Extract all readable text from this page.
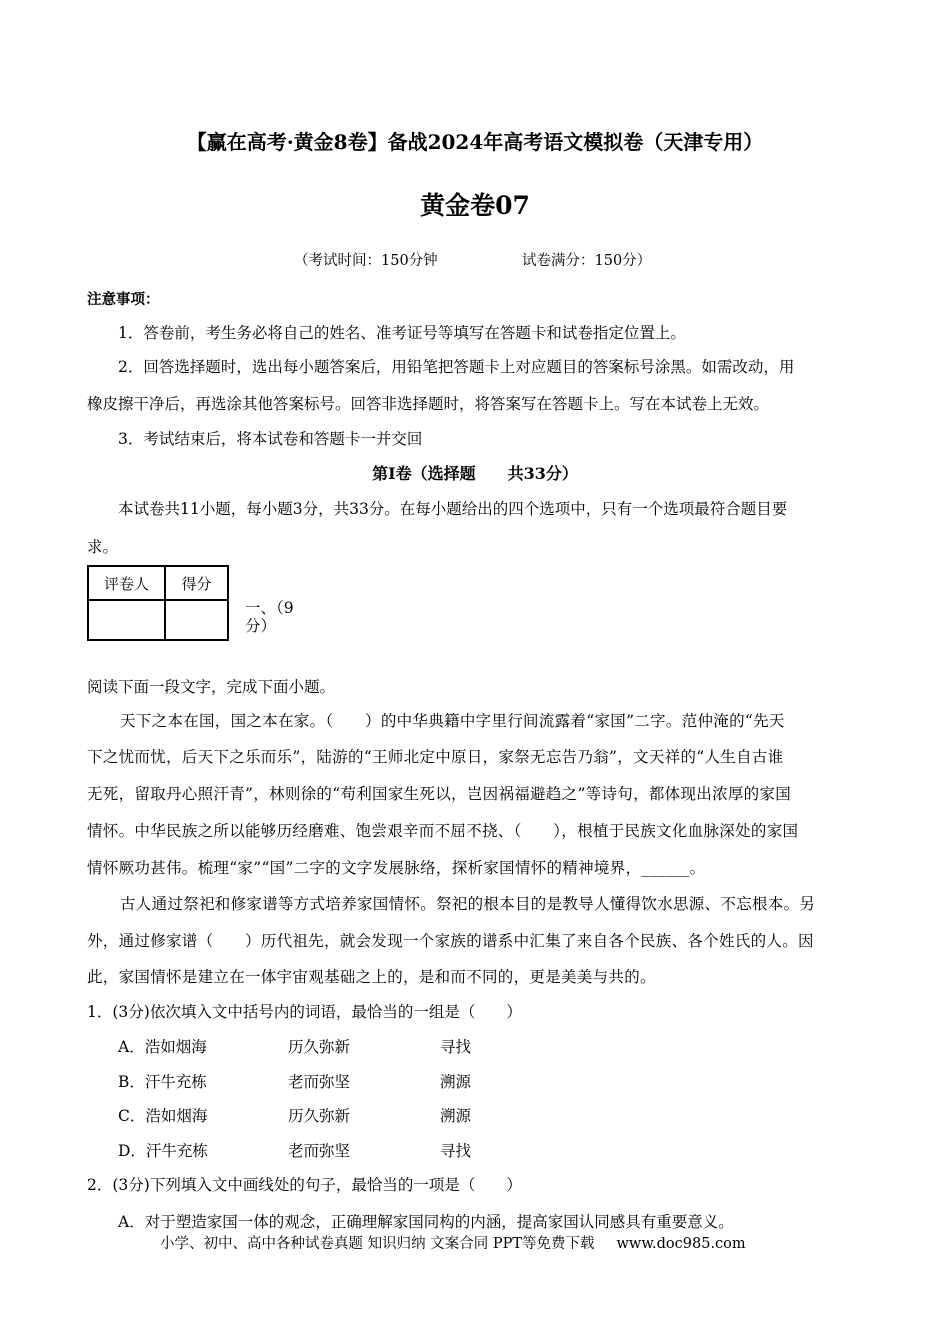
【赢在高考·黄金8卷】备战2024年高考语文模拟卷（天津专用）
黄金卷07
（考试时间：150分钟	试卷满分：150分）
注意事项：
1．答卷前，考生务必将自己的姓名、准考证号等填写在答题卡和试卷指定位置上。
2．回答选择题时，选出每小题答案后，用铅笔把答题卡上对应题目的答案标号涂黑。如需改动，用
橡皮擦干净后，再选涂其他答案标号。回答非选择题时，将答案写在答题卡上。写在本试卷上无效。
3．考试结束后，将本试卷和答题卡一并交回
第Ⅰ卷（选择题　　共33分）
本试卷共11小题，每小题3分，共33分。在每小题给出的四个选项中，只有一个选项最符合题目要
求。
评卷人	得分

一、（9
分）
阅读下面一段文字，完成下面小题。
天下之本在国，国之本在家。（　　）的中华典籍中字里行间流露着“家国”二字。范仲淹的“先天
下之忧而忧，后天下之乐而乐”，陆游的“王师北定中原日，家祭无忘告乃翁”，文天祥的“人生自古谁
无死，留取丹心照汗青”，林则徐的“苟利国家生死以，岂因祸福避趋之”等诗句，都体现出浓厚的家国
情怀。中华民族之所以能够历经磨难、饱尝艰辛而不屈不挠、（　　），根植于民族文化血脉深处的家国
情怀厥功甚伟。梳理“家”“国”二字的文字发展脉络，探析家国情怀的精神境界，______。
古人通过祭祀和修家谱等方式培养家国情怀。祭祀的根本目的是教导人懂得饮水思源、不忘根本。另
外，通过修家谱（　　）历代祖先，就会发现一个家族的谱系中汇集了来自各个民族、各个姓氏的人。因
此，家国情怀是建立在一体宇宙观基础之上的，是和而不同的，更是美美与共的。
1．(3分)依次填入文中括号内的词语，最恰当的一组是（　　）
A．浩如烟海	历久弥新	寻找
B．汗牛充栋	老而弥坚	溯源
C．浩如烟海	历久弥新	溯源
D．汗牛充栋	老而弥坚	寻找
2．(3分)下列填入文中画线处的句子，最恰当的一项是（　　）
A．对于塑造家国一体的观念，正确理解家国同构的内涵，提高家国认同感具有重要意义。
小学、初中、高中各种试卷真题 知识归纳 文案合同 PPT等免费下载 www.doc985.com
